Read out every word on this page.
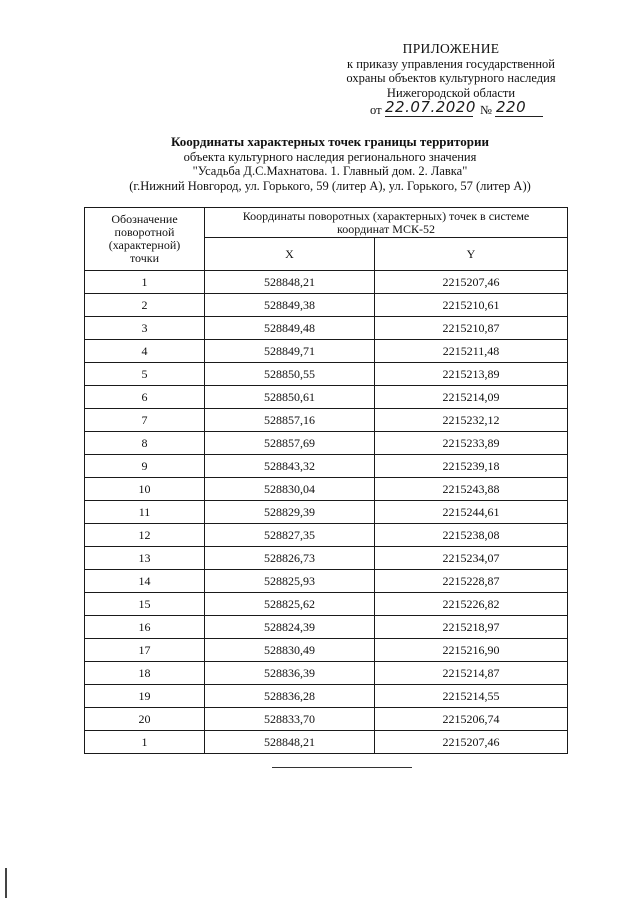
ПРИЛОЖЕНИЕ
к приказу управления государственной
охраны объектов культурного наследия
Нижегородской области
от 22.07.2020 № 220
Координаты характерных точек границы территории
объекта культурного наследия регионального значения
"Усадьба Д.С.Махнатова. 1. Главный дом. 2. Лавка"
(г.Нижний Новгород, ул. Горького, 59 (литер А), ул. Горького, 57 (литер А))
Обозначение поворотной (характерной) точки	Координаты поворотных (характерных) точек в системе координат МСК-52	
	X	Y
1	528848,21	2215207,46
2	528849,38	2215210,61
3	528849,48	2215210,87
4	528849,71	2215211,48
5	528850,55	2215213,89
6	528850,61	2215214,09
7	528857,16	2215232,12
8	528857,69	2215233,89
9	528843,32	2215239,18
10	528830,04	2215243,88
11	528829,39	2215244,61
12	528827,35	2215238,08
13	528826,73	2215234,07
14	528825,93	2215228,87
15	528825,62	2215226,82
16	528824,39	2215218,97
17	528830,49	2215216,90
18	528836,39	2215214,87
19	528836,28	2215214,55
20	528833,70	2215206,74
1	528848,21	2215207,46
